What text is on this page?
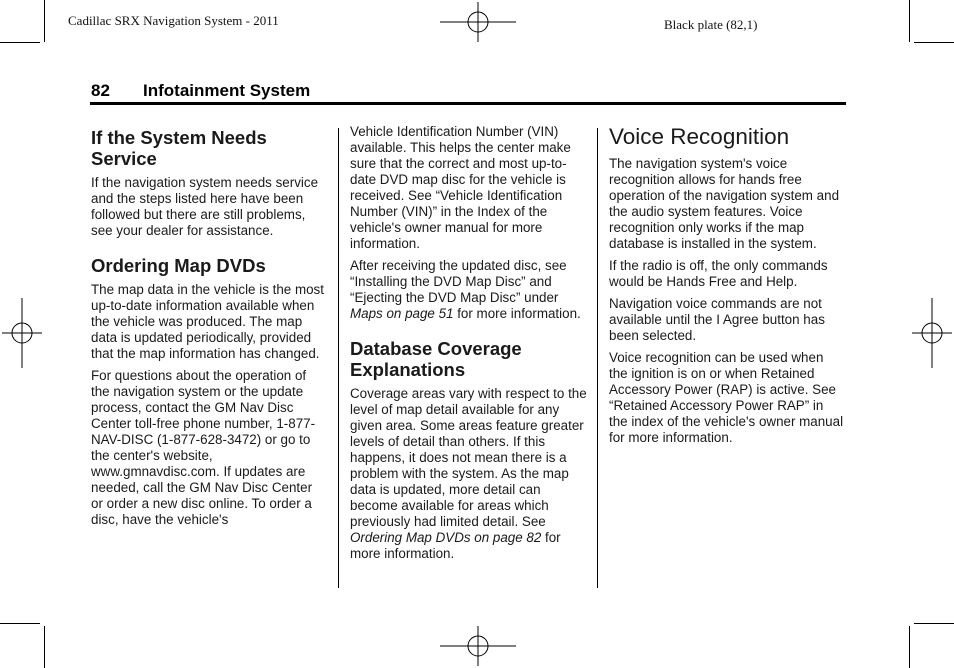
Cadillac SRX Navigation System - 2011	Black plate (82,1)
82 Infotainment System
If the System Needs Service

If the navigation system needs service and the steps listed here have been followed but there are still problems, see your dealer for assistance.

Ordering Map DVDs

The map data in the vehicle is the most up-to-date information available when the vehicle was produced. The map data is updated periodically, provided that the map information has changed.

For questions about the operation of the navigation system or the update process, contact the GM Nav Disc Center toll-free phone number, 1-877-NAV-DISC (1-877-628-3472) or go to the center's website, www.gmnavdisc.com. If updates are needed, call the GM Nav Disc Center or order a new disc online. To order a disc, have the vehicle's

Vehicle Identification Number (VIN) available. This helps the center make sure that the correct and most up-to-date DVD map disc for the vehicle is received. See “Vehicle Identification Number (VIN)” in the Index of the vehicle's owner manual for more information.

After receiving the updated disc, see “Installing the DVD Map Disc” and “Ejecting the DVD Map Disc” under Maps on page 51 for more information.

Database Coverage Explanations

Coverage areas vary with respect to the level of map detail available for any given area. Some areas feature greater levels of detail than others. If this happens, it does not mean there is a problem with the system. As the map data is updated, more detail can become available for areas which previously had limited detail. See Ordering Map DVDs on page 82 for more information.

Voice Recognition

The navigation system's voice recognition allows for hands free operation of the navigation system and the audio system features. Voice recognition only works if the map database is installed in the system.

If the radio is off, the only commands would be Hands Free and Help.

Navigation voice commands are not available until the I Agree button has been selected.

Voice recognition can be used when the ignition is on or when Retained Accessory Power (RAP) is active. See “Retained Accessory Power RAP” in the index of the vehicle's owner manual for more information.
